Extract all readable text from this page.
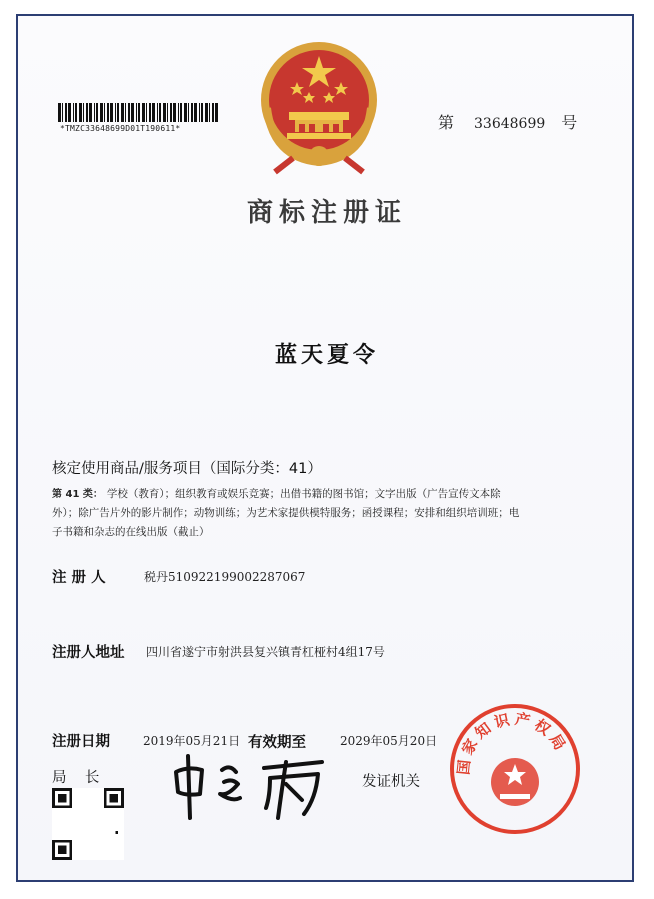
*TMZC33648699D01T190611*	第 33648699 号
商标注册证
蓝天夏令
核定使用商品/服务项目（国际分类：41）
第 41 类： 学校（教育）；组织教育或娱乐竞赛；出借书籍的图书馆；文字出版（广告宣传文本除
外）；除广告片外的影片制作；动物训练；为艺术家提供模特服务；函授课程；安排和组织培训班；电
子书籍和杂志的在线出版（截止）
注 册 人	税丹510922199002287067
注册人地址 四川省遂宁市射洪县复兴镇青杠桠村4组17号
注册日期	2019年05月21日 有效期至	2029年05月20日
局    长	发证机关
国家知识产权局
